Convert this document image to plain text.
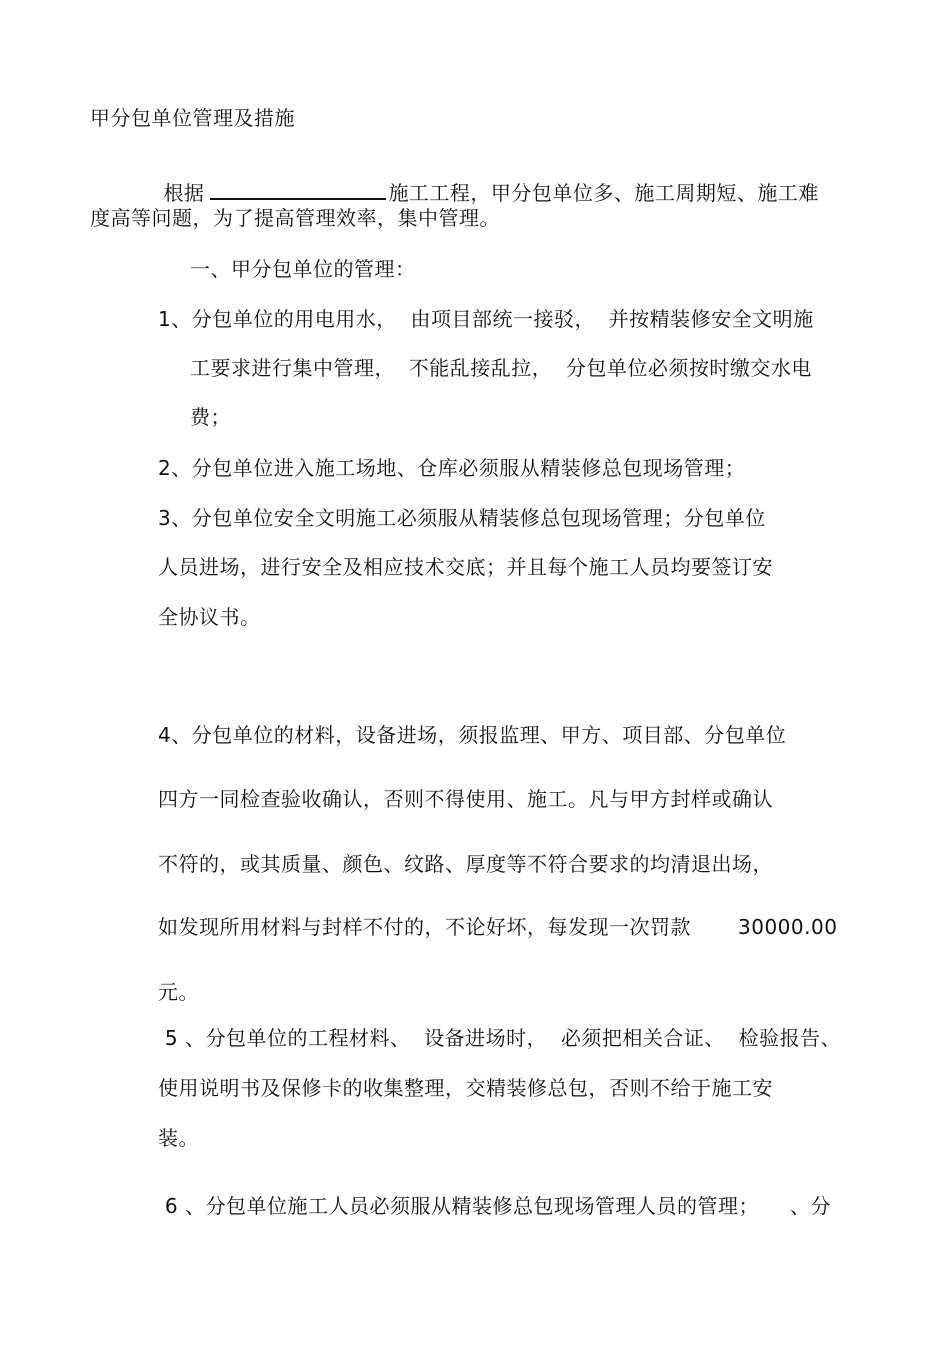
甲分包单位管理及措施

根据	施工工程，甲分包单位多、施工周期短、施工难

度高等问题，为了提高管理效率，集中管理。
一、甲分包单位的管理：
1、分包单位的用电用水，  由项目部统一接驳，  并按精装修安全文明施
工要求进行集中管理，  不能乱接乱拉，  分包单位必须按时缴交水电
费；
2、分包单位进入施工场地、仓库必须服从精装修总包现场管理；
3、分包单位安全文明施工必须服从精装修总包现场管理；分包单位
人员进场，进行安全及相应技术交底；并且每个施工人员均要签订安
全协议书。
4、分包单位的材料，设备进场，须报监理、甲方、项目部、分包单位
四方一同检查验收确认，否则不得使用、施工。凡与甲方封样或确认
不符的，或其质量、颜色、纹路、厚度等不符合要求的均清退出场，
如发现所用材料与封样不付的，不论好坏，每发现一次罚款 30000.00
元。
5 、分包单位的工程材料、  设备进场时，  必须把相关合证、  检验报告、
使用说明书及保修卡的收集整理，交精装修总包，否则不给于施工安
装。
6 、分包单位施工人员必须服从精装修总包现场管理人员的管理； 、分
